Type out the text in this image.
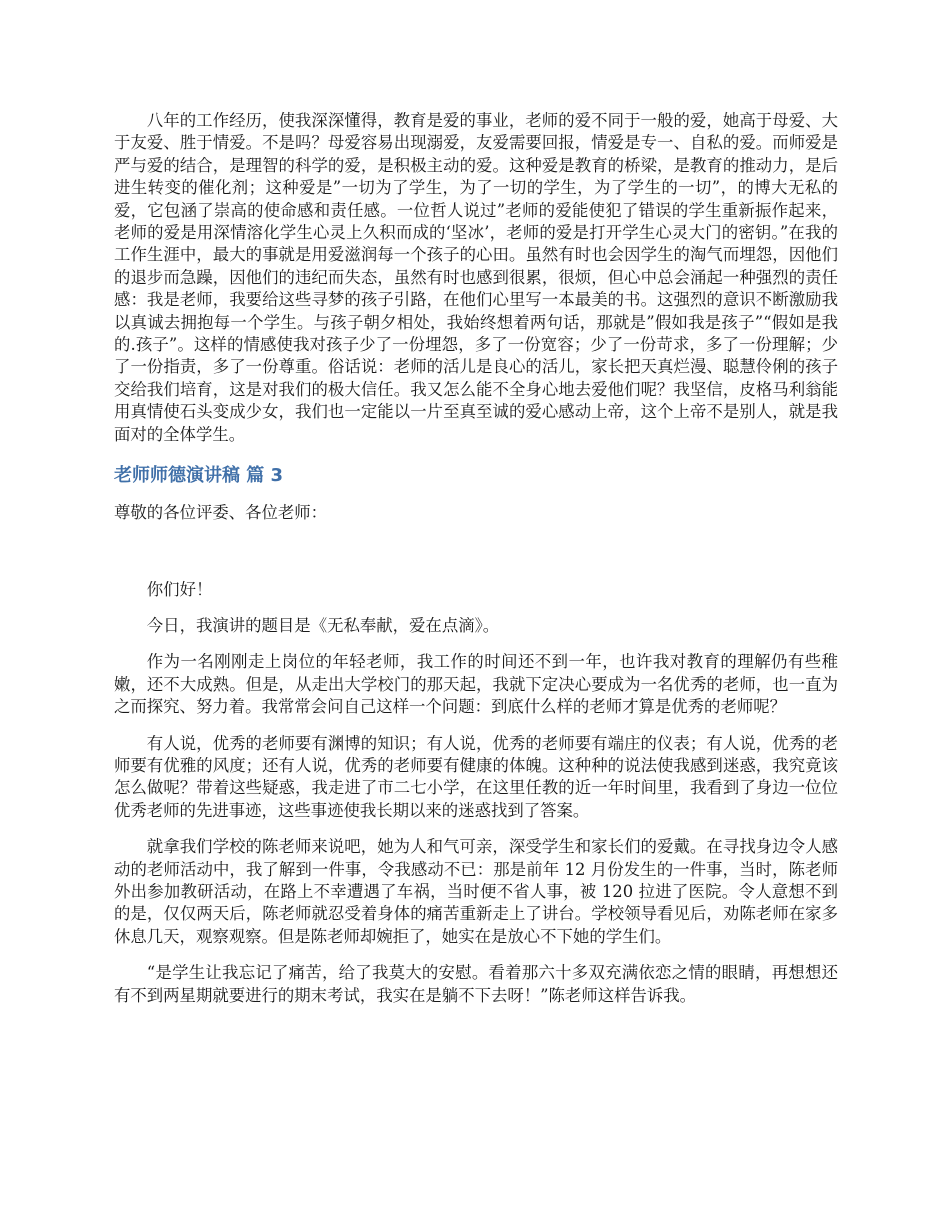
八年的工作经历，使我深深懂得，教育是爱的事业，老师的爱不同于一般的爱，她高于母爱、大于友爱、胜于情爱。不是吗？母爱容易出现溺爱，友爱需要回报，情爱是专一、自私的爱。而师爱是严与爱的结合，是理智的科学的爱，是积极主动的爱。这种爱是教育的桥梁，是教育的推动力，是后进生转变的催化剂；这种爱是”一切为了学生，为了一切的学生，为了学生的一切”，的博大无私的爱，它包涵了崇高的使命感和责任感。一位哲人说过”老师的爱能使犯了错误的学生重新振作起来，老师的爱是用深情溶化学生心灵上久积而成的‘坚冰’，老师的爱是打开学生心灵大门的密钥。”在我的工作生涯中，最大的事就是用爱滋润每一个孩子的心田。虽然有时也会因学生的淘气而埋怨，因他们的退步而急躁，因他们的违纪而失态，虽然有时也感到很累，很烦，但心中总会涌起一种强烈的责任感：我是老师，我要给这些寻梦的孩子引路，在他们心里写一本最美的书。这强烈的意识不断激励我以真诚去拥抱每一个学生。与孩子朝夕相处，我始终想着两句话，那就是”假如我是孩子”“假如是我的.孩子”。这样的情感使我对孩子少了一份埋怨，多了一份宽容；少了一份苛求，多了一份理解；少了一份指责，多了一份尊重。俗话说：老师的活儿是良心的活儿，家长把天真烂漫、聪慧伶俐的孩子交给我们培育，这是对我们的极大信任。我又怎么能不全身心地去爱他们呢？我坚信，皮格马利翁能用真情使石头变成少女，我们也一定能以一片至真至诚的爱心感动上帝，这个上帝不是别人，就是我面对的全体学生。

老师师德演讲稿 篇 3

尊敬的各位评委、各位老师：

你们好！

今日，我演讲的题目是《无私奉献，爱在点滴》。

作为一名刚刚走上岗位的年轻老师，我工作的时间还不到一年，也许我对教育的理解仍有些稚嫩，还不大成熟。但是，从走出大学校门的那天起，我就下定决心要成为一名优秀的老师，也一直为之而探究、努力着。我常常会问自己这样一个问题：到底什么样的老师才算是优秀的老师呢？

有人说，优秀的老师要有渊博的知识；有人说，优秀的老师要有端庄的仪表；有人说，优秀的老师要有优雅的风度；还有人说，优秀的老师要有健康的体魄。这种种的说法使我感到迷惑，我究竟该怎么做呢？带着这些疑惑，我走进了市二七小学，在这里任教的近一年时间里，我看到了身边一位位优秀老师的先进事迹，这些事迹使我长期以来的迷惑找到了答案。

就拿我们学校的陈老师来说吧，她为人和气可亲，深受学生和家长们的爱戴。在寻找身边令人感动的老师活动中，我了解到一件事，令我感动不已：那是前年 12 月份发生的一件事，当时，陈老师外出参加教研活动，在路上不幸遭遇了车祸，当时便不省人事，被 120 拉进了医院。令人意想不到的是，仅仅两天后，陈老师就忍受着身体的痛苦重新走上了讲台。学校领导看见后，劝陈老师在家多休息几天，观察观察。但是陈老师却婉拒了，她实在是放心不下她的学生们。

“是学生让我忘记了痛苦，给了我莫大的安慰。看着那六十多双充满依恋之情的眼睛，再想想还有不到两星期就要进行的期末考试，我实在是躺不下去呀！”陈老师这样告诉我。
